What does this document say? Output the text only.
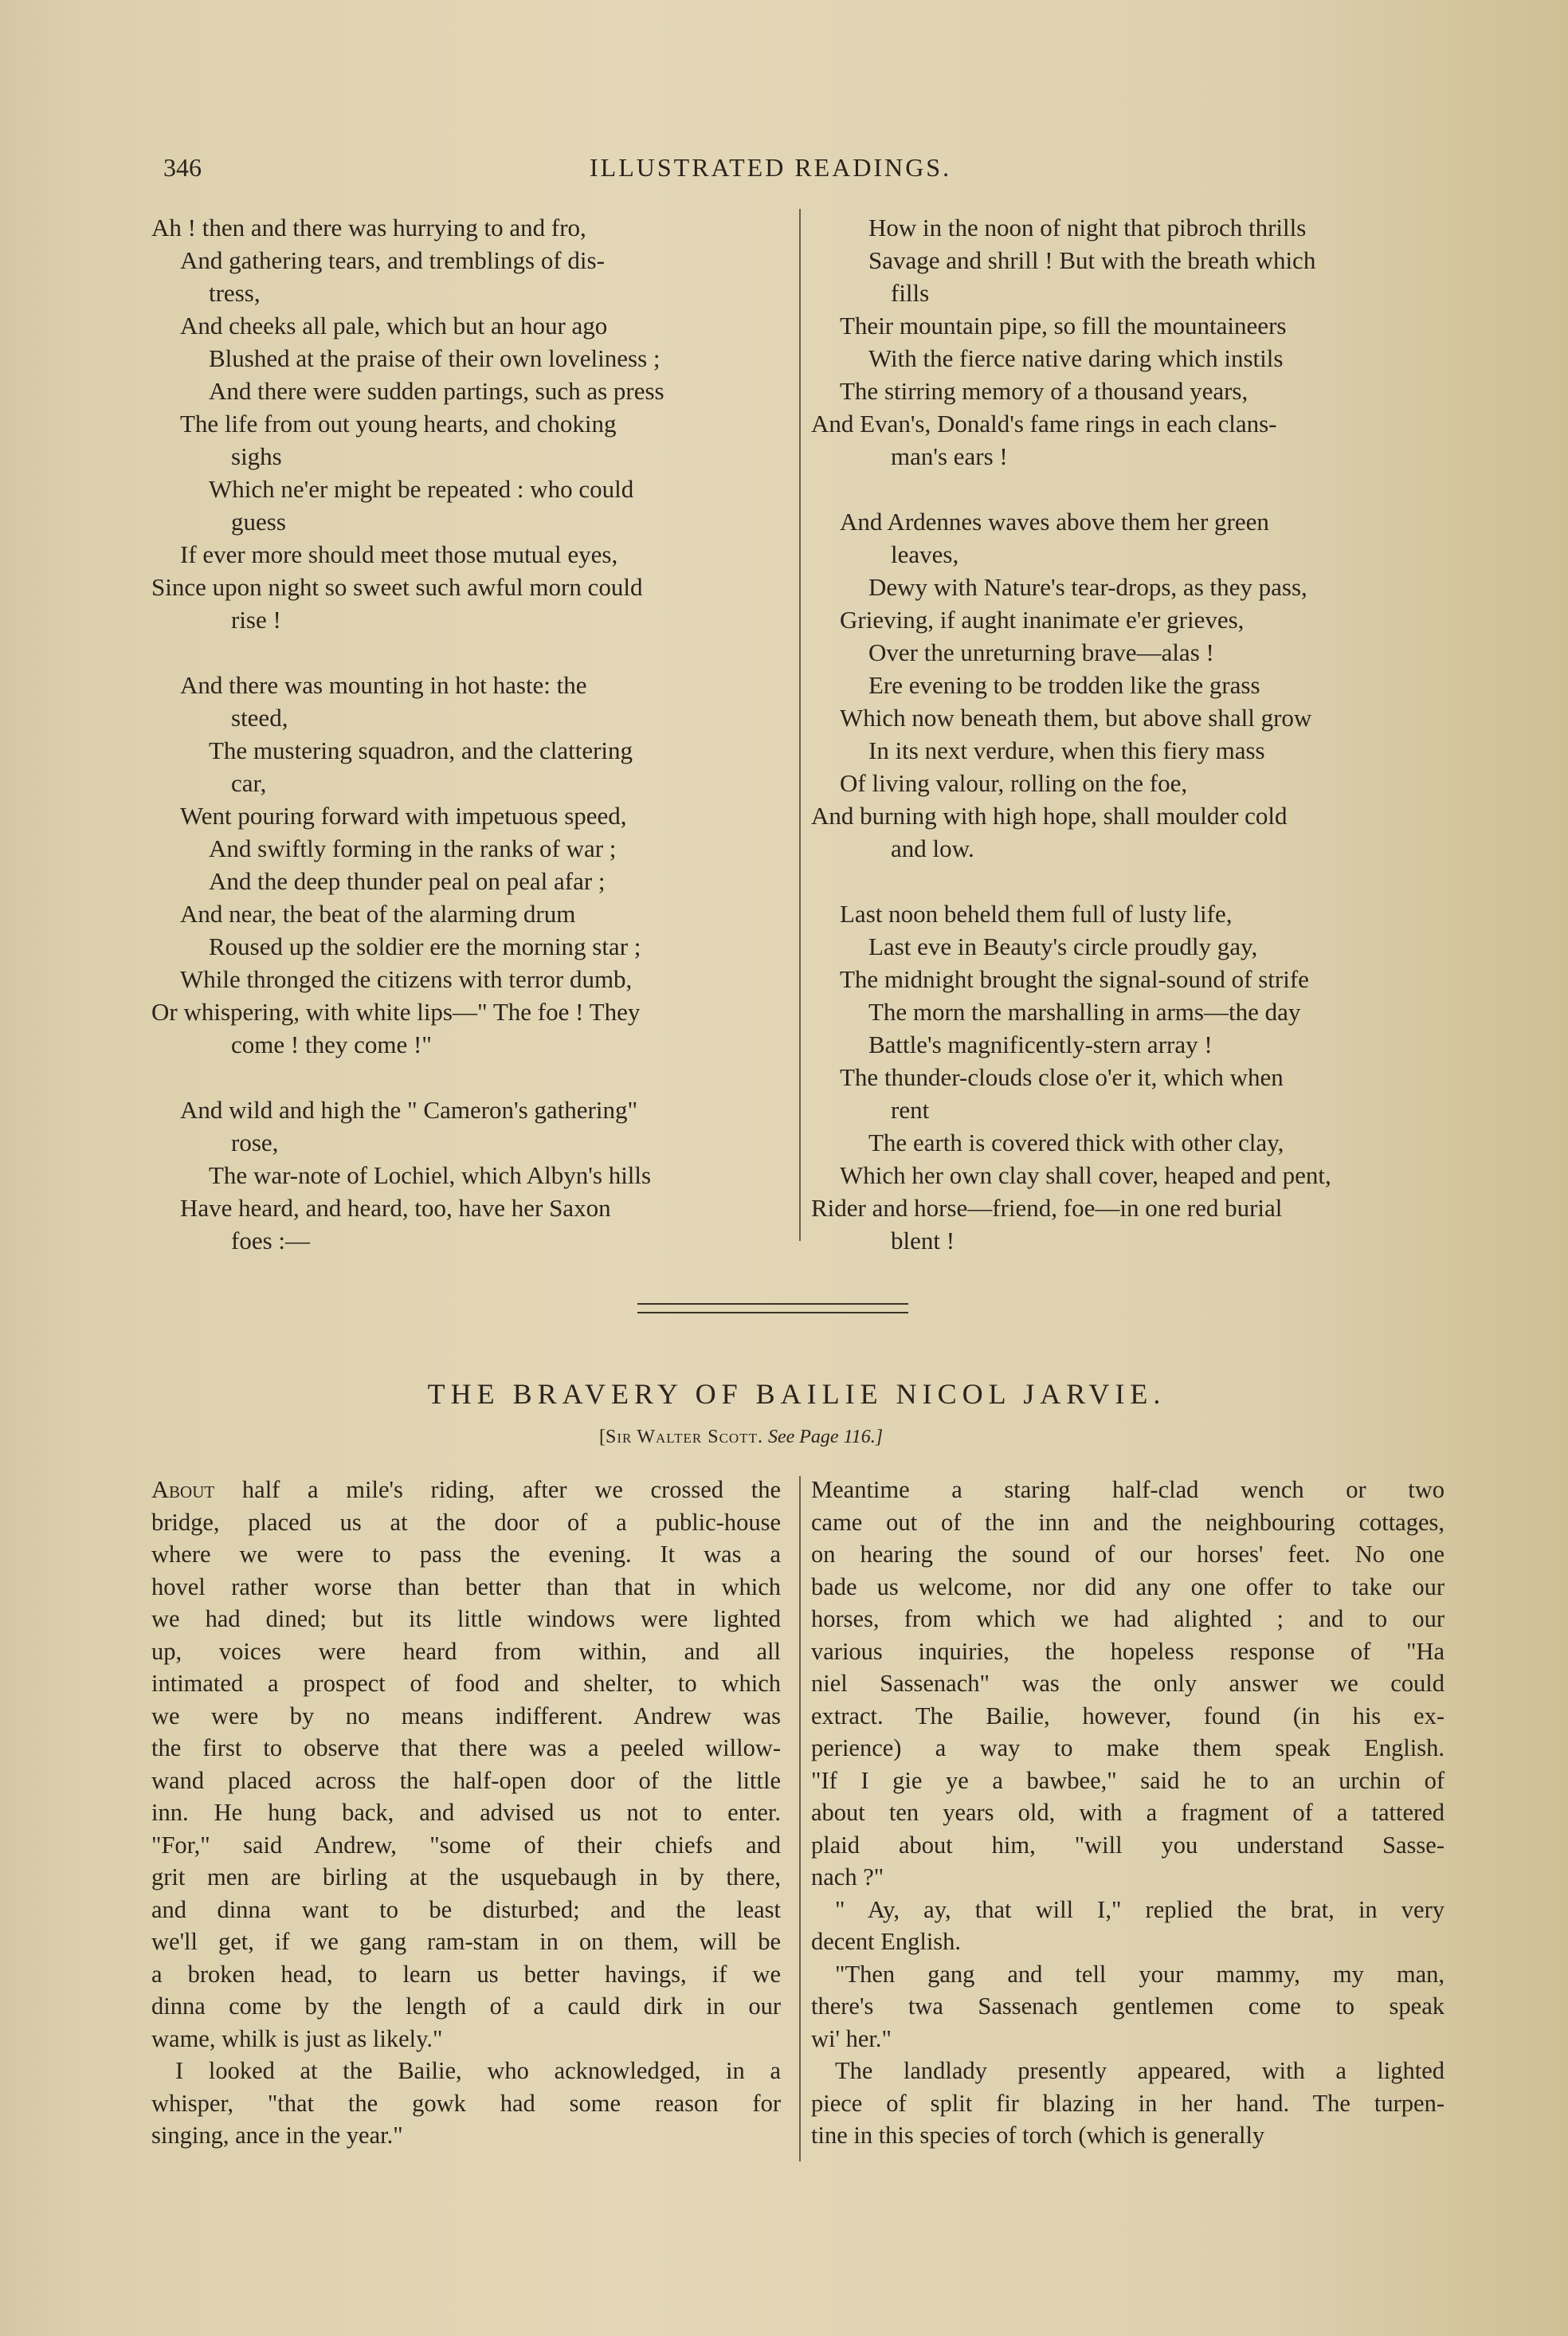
346	ILLUSTRATED READINGS.
Ah ! then and there was hurrying to and fro,
And gathering tears, and tremblings of dis-
tress,
And cheeks all pale, which but an hour ago
Blushed at the praise of their own loveliness ;
And there were sudden partings, such as press
The life from out young hearts, and choking
sighs
Which ne'er might be repeated : who could
guess
If ever more should meet those mutual eyes,
Since upon night so sweet such awful morn could
rise !
And there was mounting in hot haste: the
steed,
The mustering squadron, and the clattering
car,
Went pouring forward with impetuous speed,
And swiftly forming in the ranks of war ;
And the deep thunder peal on peal afar ;
And near, the beat of the alarming drum
Roused up the soldier ere the morning star ;
While thronged the citizens with terror dumb,
Or whispering, with white lips—" The foe ! They
come ! they come !"
And wild and high the " Cameron's gathering"
rose,
The war-note of Lochiel, which Albyn's hills
Have heard, and heard, too, have her Saxon
foes :—
How in the noon of night that pibroch thrills
Savage and shrill ! But with the breath which
fills
Their mountain pipe, so fill the mountaineers
With the fierce native daring which instils
The stirring memory of a thousand years,
And Evan's, Donald's fame rings in each clans-
man's ears !
And Ardennes waves above them her green
leaves,
Dewy with Nature's tear-drops, as they pass,
Grieving, if aught inanimate e'er grieves,
Over the unreturning brave—alas !
Ere evening to be trodden like the grass
Which now beneath them, but above shall grow
In its next verdure, when this fiery mass
Of living valour, rolling on the foe,
And burning with high hope, shall moulder cold
and low.
Last noon beheld them full of lusty life,
Last eve in Beauty's circle proudly gay,
The midnight brought the signal-sound of strife
The morn the marshalling in arms—the day
Battle's magnificently-stern array !
The thunder-clouds close o'er it, which when
rent
The earth is covered thick with other clay,
Which her own clay shall cover, heaped and pent,
Rider and horse—friend, foe—in one red burial
blent !
THE BRAVERY OF BAILIE NICOL JARVIE.
[Sir Walter Scott. See Page 116.]
About half a mile's riding, after we crossed the
bridge, placed us at the door of a public-house
where we were to pass the evening. It was a
hovel rather worse than better than that in which
we had dined; but its little windows were lighted
up, voices were heard from within, and all
intimated a prospect of food and shelter, to which
we were by no means indifferent. Andrew was
the first to observe that there was a peeled willow-
wand placed across the half-open door of the little
inn. He hung back, and advised us not to enter.
"For," said Andrew, "some of their chiefs and
grit men are birling at the usquebaugh in by there,
and dinna want to be disturbed; and the least
we'll get, if we gang ram-stam in on them, will be
a broken head, to learn us better havings, if we
dinna come by the length of a cauld dirk in our
wame, whilk is just as likely."
I looked at the Bailie, who acknowledged, in a
whisper, "that the gowk had some reason for
singing, ance in the year."
Meantime a staring half-clad wench or two
came out of the inn and the neighbouring cottages,
on hearing the sound of our horses' feet. No one
bade us welcome, nor did any one offer to take our
horses, from which we had alighted ; and to our
various inquiries, the hopeless response of "Ha
niel Sassenach" was the only answer we could
extract. The Bailie, however, found (in his ex-
perience) a way to make them speak English.
"If I gie ye a bawbee," said he to an urchin of
about ten years old, with a fragment of a tattered
plaid about him, "will you understand Sasse-
nach ?"
" Ay, ay, that will I," replied the brat, in very
decent English.
"Then gang and tell your mammy, my man,
there's twa Sassenach gentlemen come to speak
wi' her."
The landlady presently appeared, with a lighted
piece of split fir blazing in her hand. The turpen-
tine in this species of torch (which is generally
